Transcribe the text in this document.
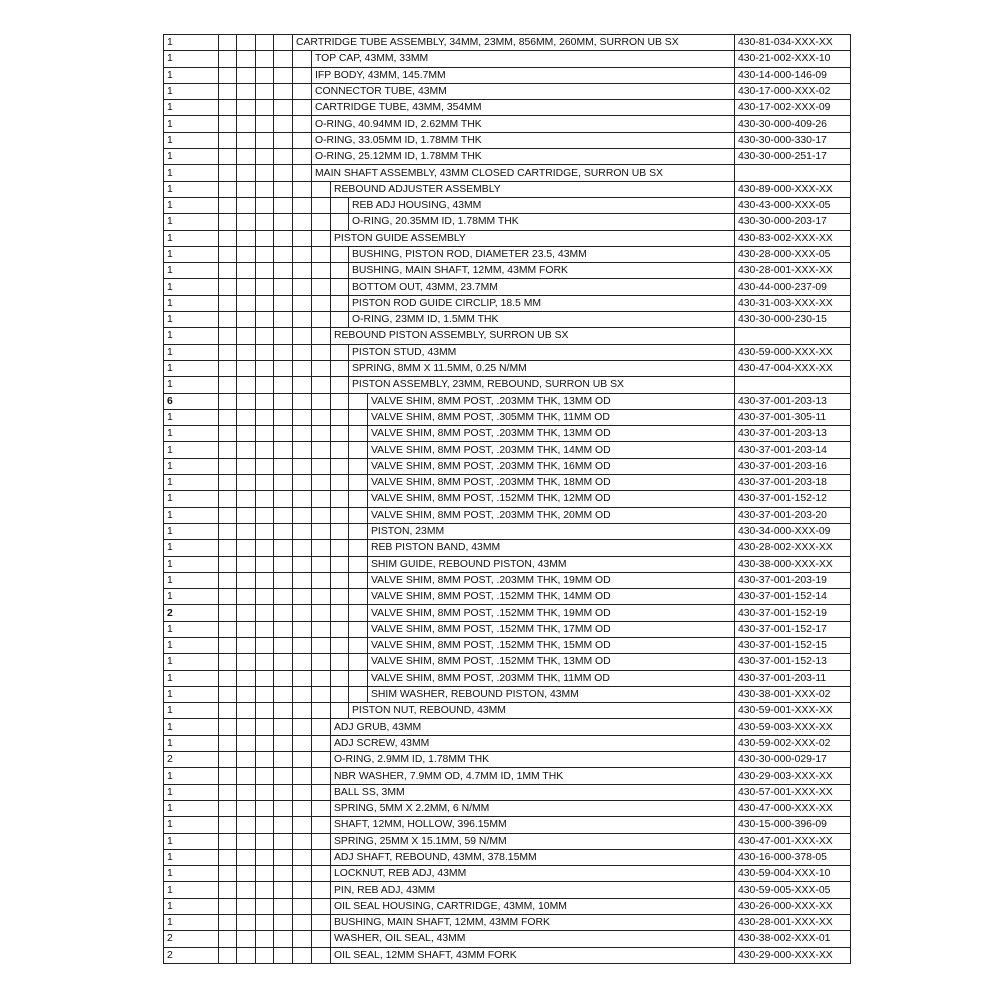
1					CARTRIDGE TUBE ASSEMBLY, 34MM, 23MM, 856MM, 260MM, SURRON UB SX					430-81-034-XXX-XX
1						TOP CAP, 43MM, 33MM				430-21-002-XXX-10
1						IFP BODY, 43MM, 145.7MM				430-14-000-146-09
1						CONNECTOR TUBE, 43MM				430-17-000-XXX-02
1						CARTRIDGE TUBE, 43MM, 354MM				430-17-002-XXX-09
1						O-RING, 40.94MM ID, 2.62MM THK				430-30-000-409-26
1						O-RING, 33.05MM ID, 1.78MM THK				430-30-000-330-17
1						O-RING, 25.12MM ID, 1.78MM THK				430-30-000-251-17
1						MAIN SHAFT ASSEMBLY, 43MM CLOSED CARTRIDGE, SURRON UB SX				
1							REBOUND ADJUSTER ASSEMBLY			430-89-000-XXX-XX
1								REB ADJ HOUSING, 43MM		430-43-000-XXX-05
1								O-RING, 20.35MM ID, 1.78MM THK		430-30-000-203-17
1							PISTON GUIDE ASSEMBLY			430-83-002-XXX-XX
1								BUSHING, PISTON ROD, DIAMETER 23.5, 43MM		430-28-000-XXX-05
1								BUSHING, MAIN SHAFT, 12MM, 43MM FORK		430-28-001-XXX-XX
1								BOTTOM OUT, 43MM, 23.7MM		430-44-000-237-09
1								PISTON ROD GUIDE CIRCLIP, 18.5 MM		430-31-003-XXX-XX
1								O-RING, 23MM ID, 1.5MM THK		430-30-000-230-15
1							REBOUND PISTON ASSEMBLY, SURRON UB SX			
1								PISTON STUD, 43MM		430-59-000-XXX-XX
1								SPRING, 8MM X 11.5MM, 0.25 N/MM		430-47-004-XXX-XX
1								PISTON ASSEMBLY, 23MM, REBOUND, SURRON UB SX		
6									VALVE SHIM, 8MM POST, .203MM THK, 13MM OD	430-37-001-203-13
1									VALVE SHIM, 8MM POST, .305MM THK, 11MM OD	430-37-001-305-11
1									VALVE SHIM, 8MM POST, .203MM THK, 13MM OD	430-37-001-203-13
1									VALVE SHIM, 8MM POST, .203MM THK, 14MM OD	430-37-001-203-14
1									VALVE SHIM, 8MM POST, .203MM THK, 16MM OD	430-37-001-203-16
1									VALVE SHIM, 8MM POST, .203MM THK, 18MM OD	430-37-001-203-18
1									VALVE SHIM, 8MM POST, .152MM THK, 12MM OD	430-37-001-152-12
1									VALVE SHIM, 8MM POST, .203MM THK, 20MM OD	430-37-001-203-20
1									PISTON, 23MM	430-34-000-XXX-09
1									REB PISTON BAND, 43MM	430-28-002-XXX-XX
1									SHIM GUIDE, REBOUND PISTON, 43MM	430-38-000-XXX-XX
1									VALVE SHIM, 8MM POST, .203MM THK, 19MM OD	430-37-001-203-19
1									VALVE SHIM, 8MM POST, .152MM THK, 14MM OD	430-37-001-152-14
2									VALVE SHIM, 8MM POST, .152MM THK, 19MM OD	430-37-001-152-19
1									VALVE SHIM, 8MM POST, .152MM THK, 17MM OD	430-37-001-152-17
1									VALVE SHIM, 8MM POST, .152MM THK, 15MM OD	430-37-001-152-15
1									VALVE SHIM, 8MM POST, .152MM THK, 13MM OD	430-37-001-152-13
1									VALVE SHIM, 8MM POST, .203MM THK, 11MM OD	430-37-001-203-11
1									SHIM WASHER, REBOUND PISTON, 43MM	430-38-001-XXX-02
1								PISTON NUT, REBOUND, 43MM		430-59-001-XXX-XX
1							ADJ GRUB, 43MM			430-59-003-XXX-XX
1							ADJ SCREW, 43MM			430-59-002-XXX-02
2							O-RING, 2.9MM ID, 1.78MM THK			430-30-000-029-17
1							NBR WASHER, 7.9MM OD, 4.7MM ID, 1MM THK			430-29-003-XXX-XX
1							BALL SS, 3MM			430-57-001-XXX-XX
1							SPRING, 5MM X 2.2MM, 6 N/MM			430-47-000-XXX-XX
1							SHAFT, 12MM, HOLLOW, 396.15MM			430-15-000-396-09
1							SPRING, 25MM X 15.1MM, 59 N/MM			430-47-001-XXX-XX
1							ADJ SHAFT, REBOUND, 43MM, 378.15MM			430-16-000-378-05
1							LOCKNUT, REB ADJ, 43MM			430-59-004-XXX-10
1							PIN, REB ADJ, 43MM			430-59-005-XXX-05
1							OIL SEAL HOUSING, CARTRIDGE, 43MM, 10MM			430-26-000-XXX-XX
1							BUSHING, MAIN SHAFT, 12MM, 43MM FORK			430-28-001-XXX-XX
2							WASHER, OIL SEAL, 43MM			430-38-002-XXX-01
2							OIL SEAL, 12MM SHAFT, 43MM FORK			430-29-000-XXX-XX
